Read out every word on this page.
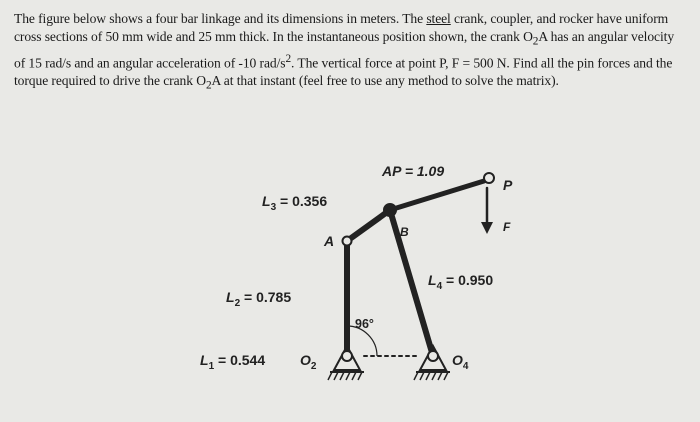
The figure below shows a four bar linkage and its dimensions in meters. The steel crank, coupler, and rocker have uniform cross sections of 50 mm wide and 25 mm thick. In the instantaneous position shown, the crank $O_2A$ has an angular velocity of 15 rad/s and an angular acceleration of -10 rad/$s^2$. The vertical force at point P, F = 500 N. Find all the pin forces and the torque required to drive the crank $O_2A$ at that instant (feel free to use any method to solve the matrix).
AP = 1.09
P
$L_3 = 0.356$
A
B	F
$L_4 = 0.950$
$L_2 = 0.785$
96°
$L_1 = 0.544$ $O_2$	$O_4$
